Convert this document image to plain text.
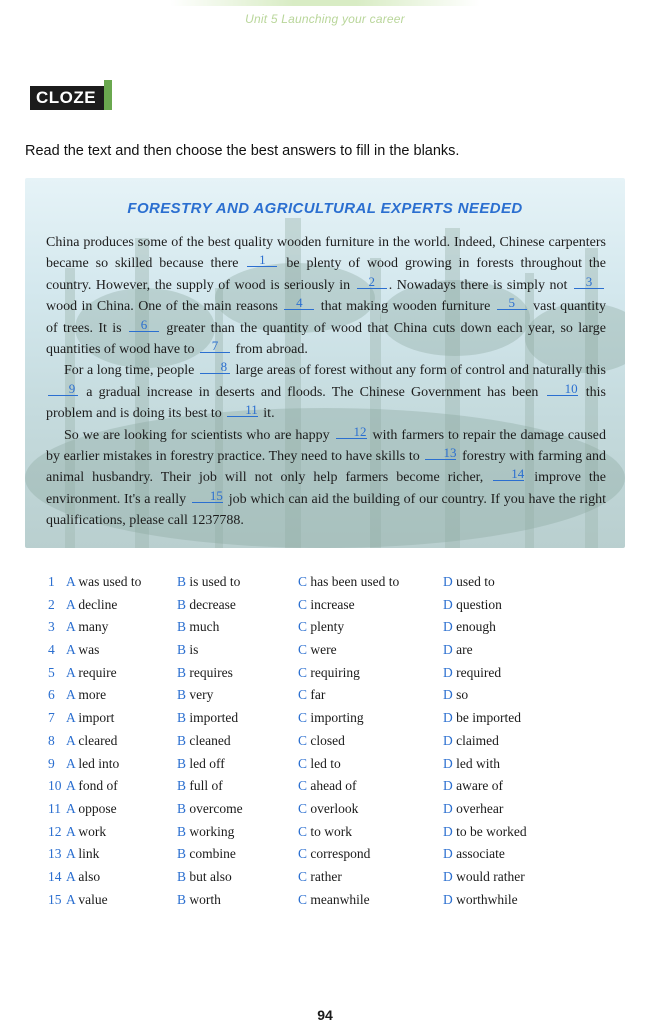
Unit 5 Launching your career
CLOZE
Read the text and then choose the best answers to fill in the blanks.
FORESTRY AND AGRICULTURAL EXPERTS NEEDED

China produces some of the best quality wooden furniture in the world. Indeed, Chinese carpenters became so skilled because there 1 be plenty of wood growing in forests throughout the country. However, the supply of wood is seriously in 2 . Nowadays there is simply not 3 wood in China. One of the main reasons 4 that making wooden furniture 5 vast quantity of trees. It is 6 greater than the quantity of wood that China cuts down each year, so large quantities of wood have to 7 from abroad.

For a long time, people 8 large areas of forest without any form of control and naturally this 9 a gradual increase in deserts and floods. The Chinese Government has been 10 this problem and is doing its best to 11 it.

So we are looking for scientists who are happy 12 with farmers to repair the damage caused by earlier mistakes in forestry practice. They need to have skills to 13 forestry with farming and animal husbandry. Their job will not only help farmers become richer, 14 improve the environment. It's a really 15 job which can aid the building of our country. If you have the right qualifications, please call 1237788.

1 A was used to	B is used to	C has been used to	D used to
2 A decline	B decrease	C increase	D question
3 A many	B much	C plenty	D enough
4 A was	B is	C were	D are
5 A require	B requires	C requiring	D required
6 A more	B very	C far	D so
7 A import	B imported	C importing	D be imported
8 A cleared	B cleaned	C closed	D claimed
9 A led into	B led off	C led to	D led with
10 A fond of	B full of	C ahead of	D aware of
11 A oppose	B overcome	C overlook	D overhear
12 A work	B working	C to work	D to be worked
13 A link	B combine	C correspond	D associate
14 A also	B but also	C rather	D would rather
15 A value	B worth	C meanwhile	D worthwhile
94
